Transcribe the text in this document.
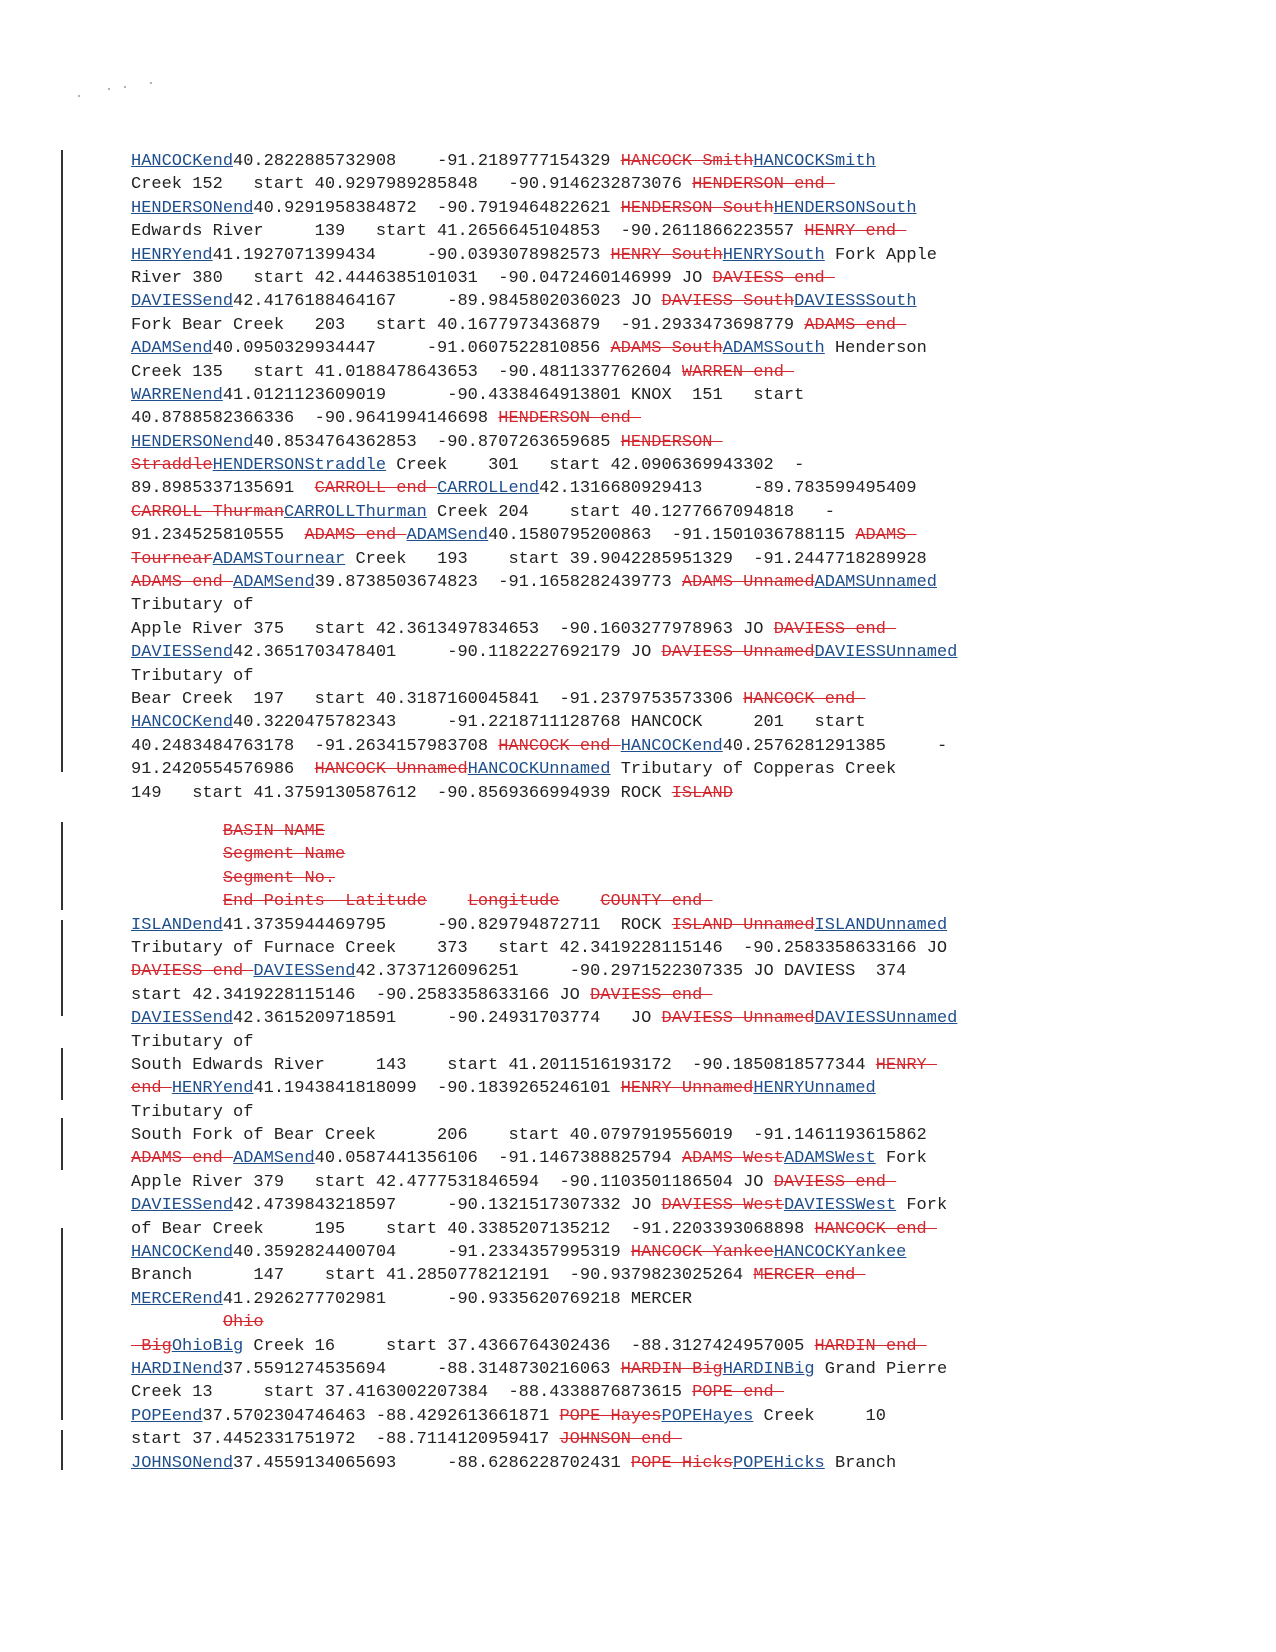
HANCOCKend40.2822885732908    -91.2189777154329 HANCOCK SmithHANCOCKSmith
Creek 152   start 40.9297989285848   -90.9146232873076 HENDERSON end
HENDERSONend40.9291958384872  -90.7919464822621 HENDERSON SouthHENDERSONSouth
Edwards River     139   start 41.2656645104853  -90.2611866223557 HENRY end
HENRYend41.1927071399434     -90.0393078982573 HENRY SouthHENRYSouth Fork Apple
River 380   start 42.4446385101031  -90.0472460146999 JO DAVIESS end
DAVIESSend42.4176188464167     -89.9845802036023 JO DAVIESS SouthDAVIESSSouth
Fork Bear Creek   203   start 40.1677973436879  -91.2933473698779 ADAMS end
ADAMSend40.0950329934447     -91.0607522810856 ADAMS SouthADAMSSouth Henderson
Creek 135   start 41.0188478643653  -90.4811337762604 WARREN end
WARRENend41.0121123609019      -90.4338464913801 KNOX  151   start
40.8788582366336  -90.9641994146698 HENDERSON end
HENDERSONend40.8534764362853  -90.8707263659685 HENDERSON
StraddleHENDERSONStraddle Creek    301   start 42.0906369943302  -
89.8985337135691  CARROLL end CARROLLend42.1316680929413     -89.783599495409
CARROLL ThurmanCARROLLThurman Creek 204    start 40.1277667094818   -
91.234525810555  ADAMS end ADAMSend40.1580795200863  -91.1501036788115 ADAMS
TournearADAMSTournear Creek   193    start 39.9042285951329  -91.2447718289928
ADAMS end ADAMSend39.8738503674823  -91.1658282439773 ADAMS UnnamedADAMSUnnamed
Tributary of
Apple River 375   start 42.3613497834653  -90.1603277978963 JO DAVIESS end
DAVIESSend42.3651703478401     -90.1182227692179 JO DAVIESS UnnamedDAVIESSUnnamed
Tributary of
Bear Creek  197   start 40.3187160045841  -91.2379753573306 HANCOCK end
HANCOCKend40.3220475782343     -91.2218711128768 HANCOCK     201   start
40.2483484763178  -91.2634157983708 HANCOCK end HANCOCKend40.2576281291385     -
91.2420554576986  HANCOCK UnnamedHANCOCKUnnamed Tributary of Copperas Creek
149   start 41.3759130587612  -90.8569366994939 ROCK ISLAND
BASIN NAME
Segment Name
Segment No.
End Points  Latitude Longitude COUNTY end
ISLANDend41.3735944469795     -90.829794872711  ROCK ISLAND UnnamedISLANDUnnamed
Tributary of Furnace Creek    373   start 42.3419228115146  -90.2583358633166 JO
DAVIESS end DAVIESSend42.3737126096251     -90.2971522307335 JO DAVIESS  374
start 42.3419228115146  -90.2583358633166 JO DAVIESS end
DAVIESSend42.3615209718591     -90.24931703774   JO DAVIESS UnnamedDAVIESSUnnamed
Tributary of
South Edwards River     143    start 41.2011516193172  -90.1850818577344 HENRY
end HENRYend41.1943841818099  -90.1839265246101 HENRY UnnamedHENRYUnnamed
Tributary of
South Fork of Bear Creek      206    start 40.0797919556019  -91.1461193615862
ADAMS end ADAMSend40.0587441356106  -91.1467388825794 ADAMS WestADAMSWest Fork
Apple River 379   start 42.4777531846594  -90.1103501186504 JO DAVIESS end
DAVIESSend42.4739843218597     -90.1321517307332 JO DAVIESS WestDAVIESSWest Fork
of Bear Creek     195    start 40.3385207135212  -91.2203393068898 HANCOCK end
HANCOCKend40.3592824400704     -91.2334357995319 HANCOCK YankeeHANCOCKYankee
Branch      147    start 41.2850778212191  -90.9379823025264 MERCER end
MERCERend41.2926277702981      -90.9335620769218 MERCER
Ohio
BigOhioBig Creek 16     start 37.4366764302436  -88.3127424957005 HARDIN end
HARDINend37.5591274535694     -88.3148730216063 HARDIN BigHARDINBig Grand Pierre
Creek 13     start 37.4163002207384  -88.4338876873615 POPE end
POPEend37.5702304746463 -88.4292613661871 POPE HayesPOPEHayes Creek     10
start 37.4452331751972  -88.7114120959417 JOHNSON end
JOHNSONend37.4559134065693     -88.6286228702431 POPE HicksPOPEHicks Branch
